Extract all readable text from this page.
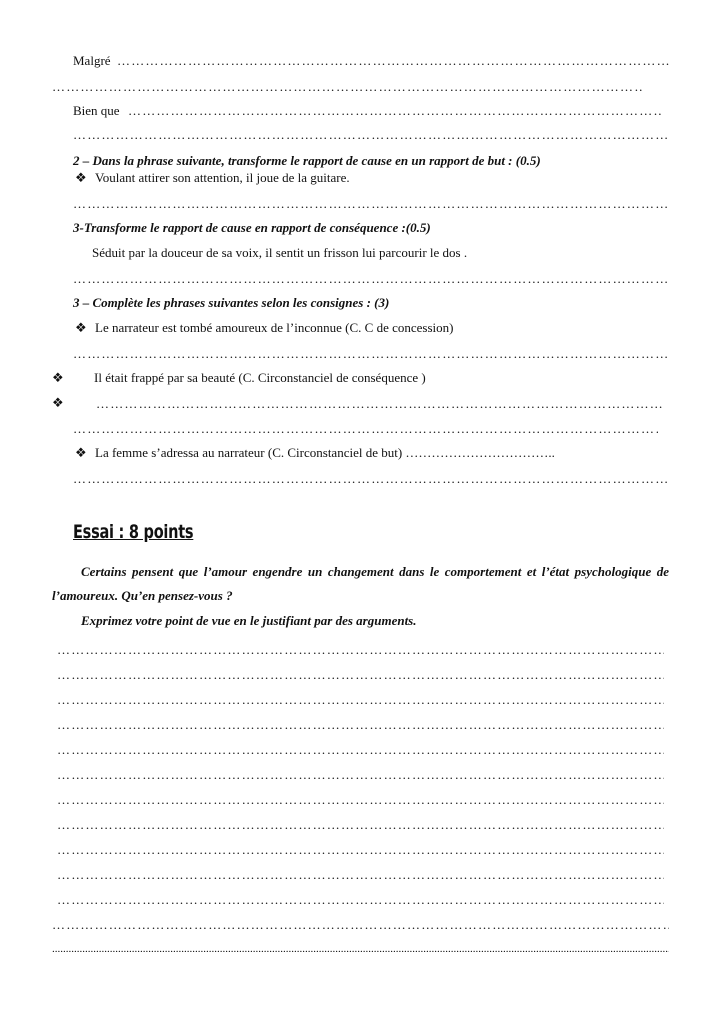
Malgré
…………………………………………………………………………………………………………………………………………………………………………………………………………………
…………………………………………………………………………………………………………………………………………………………………………………………………………………
Bien que
…………………………………………………………………………………………………………………………………………………………………………………………………………………
…………………………………………………………………………………………………………………………………………………………………………………………………………………
2 – Dans la phrase suivante, transforme le rapport de cause en un rapport de but : (0.5)
❖ Voulant attirer son attention, il joue de la guitare.
…………………………………………………………………………………………………………………………………………………………………………………………………………………
3-Transforme le rapport de cause en rapport de conséquence :(0.5)
Séduit par la douceur de sa voix, il sentit un frisson lui parcourir le dos .
…………………………………………………………………………………………………………………………………………………………………………………………………………………
3 – Complète les phrases suivantes selon les consignes : (3)
❖ Le narrateur est tombé amoureux de l’inconnue (C. C de concession)
…………………………………………………………………………………………………………………………………………………………………………………………………………………
❖ Il était frappé par sa beauté (C. Circonstanciel de conséquence )
❖
…………………………………………………………………………………………………………………………………………………………………………………………………………………
…………………………………………………………………………………………………………………………………………………………………………………………………………………
❖ La femme s’adressa au narrateur (C. Circonstanciel de but) ……………………………..
…………………………………………………………………………………………………………………………………………………………………………………………………………………
Essai : 8 points
Certains pensent que l’amour engendre un changement dans le comportement et l’état psychologique de l’amoureux. Qu’en pensez-vous ?
Exprimez votre point de vue en le justifiant par des arguments.
…………………………………………………………………………………………………………………………………………………………………………………………………………………
…………………………………………………………………………………………………………………………………………………………………………………………………………………
…………………………………………………………………………………………………………………………………………………………………………………………………………………
…………………………………………………………………………………………………………………………………………………………………………………………………………………
…………………………………………………………………………………………………………………………………………………………………………………………………………………
…………………………………………………………………………………………………………………………………………………………………………………………………………………
…………………………………………………………………………………………………………………………………………………………………………………………………………………
…………………………………………………………………………………………………………………………………………………………………………………………………………………
…………………………………………………………………………………………………………………………………………………………………………………………………………………
…………………………………………………………………………………………………………………………………………………………………………………………………………………
…………………………………………………………………………………………………………………………………………………………………………………………………………………
…………………………………………………………………………………………………………………………………………………………………………………………………………………
.....
